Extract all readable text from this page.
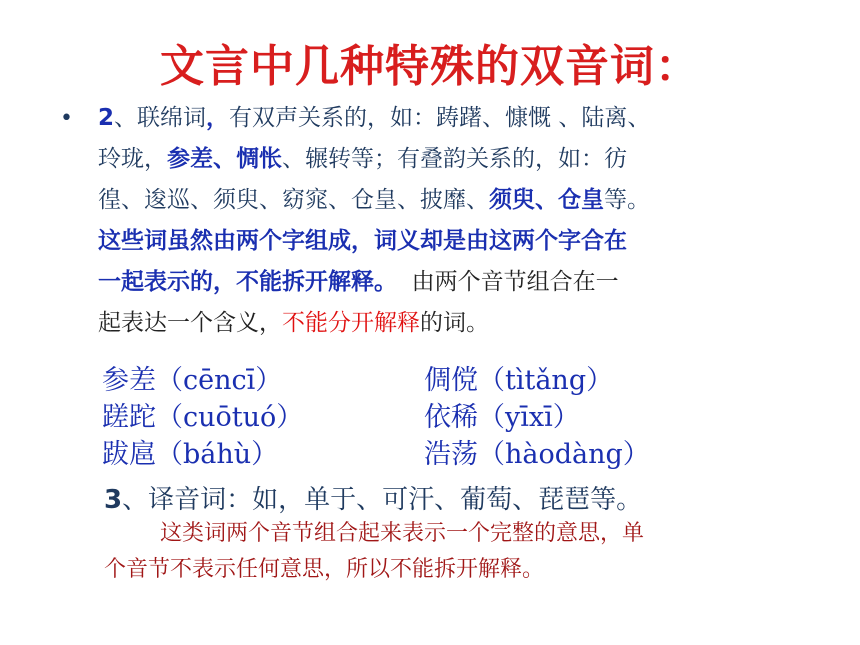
文言中几种特殊的双音词：
•	2、联绵词，有双声关系的，如：踌躇、慷慨 、陆离、
玲珑，参差、惆怅、辗转等；有叠韵关系的，如：彷
徨、逡巡、须臾、窈窕、仓皇、披靡、须臾、仓皇等。
这些词虽然由两个字组成，词义却是由这两个字合在
一起表示的，不能拆开解释。  由两个音节组合在一
起表达一个含义，不能分开解释的词。
参差（cēncī）	倜傥（tìtǎng）
蹉跎（cuōtuó）	依稀（yīxī）
跋扈（báhù）	浩荡（hàodàng）
3、译音词：如，单于、可汗、葡萄、琵琶等。
这类词两个音节组合起来表示一个完整的意思，单
个音节不表示任何意思，所以不能拆开解释。
